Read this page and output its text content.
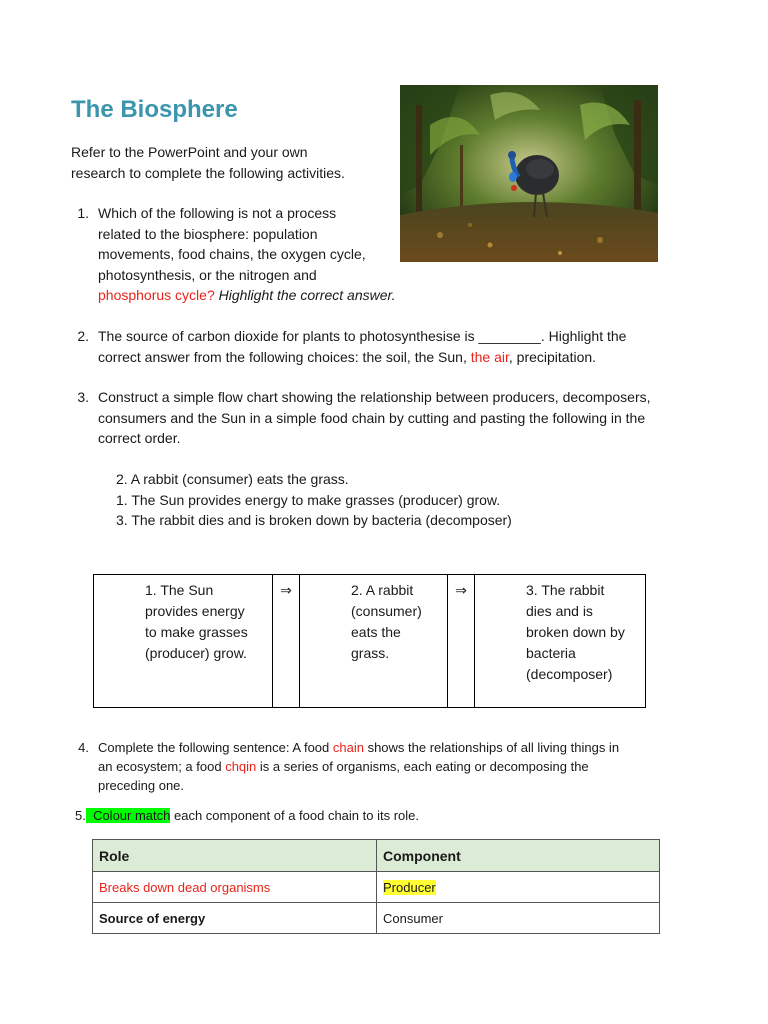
The Biosphere
Refer to the PowerPoint and your own
research to complete the following activities.
1. Which of the following is not a process
related to the biosphere: population
movements, food chains, the oxygen cycle,
photosynthesis, or the nitrogen and
phosphorus cycle? Highlight the correct answer.
2. The source of carbon dioxide for plants to photosynthesise is ________. Highlight the
correct answer from the following choices: the soil, the Sun, the air, precipitation.
3. Construct a simple flow chart showing the relationship between producers, decomposers,
consumers and the Sun in a simple food chain by cutting and pasting the following in the
correct order.
2. A rabbit (consumer) eats the grass.
1. The Sun provides energy to make grasses (producer) grow.
3. The rabbit dies and is broken down by bacteria (decomposer)
1. The Sun
provides energy
to make grasses
(producer) grow.
	⇒	2. A rabbit
(consumer)
eats the
grass.
	⇒	3. The rabbit
dies and is
broken down by
bacteria
(decomposer)
4. Complete the following sentence: A food chain shows the relationships of all living things in
an ecosystem; a food chqin is a series of organisms, each eating or decomposing the
preceding one.
5.  Colour match each component of a food chain to its role.
Role	Component
Breaks down dead organisms	Producer
Source of energy	Consumer
